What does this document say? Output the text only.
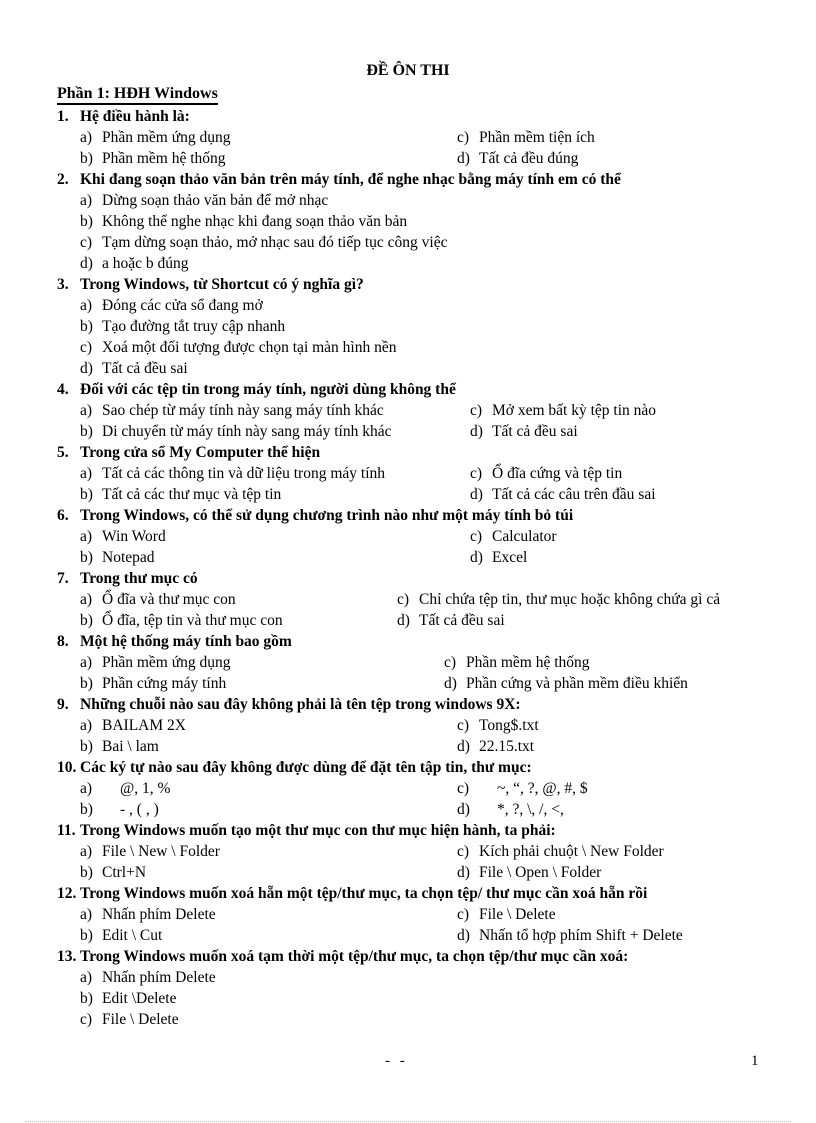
ĐỀ ÔN THI
Phần 1: HĐH Windows
1. Hệ điều hành là:
a) Phần mềm ứng dụng	c) Phần mềm tiện ích
b) Phần mềm hệ thống	d) Tất cả đều đúng
2. Khi đang soạn thảo văn bản trên máy tính, để nghe nhạc bằng máy tính em có thể
a) Dừng soạn thảo văn bản để mở nhạc
b) Không thể nghe nhạc khi đang soạn thảo văn bản
c) Tạm dừng soạn thảo, mở nhạc sau đó tiếp tục công việc
d) a hoặc b đúng
3. Trong Windows, từ Shortcut có ý nghĩa gì?
a) Đóng các cửa sổ đang mở
b) Tạo đường tắt truy cập nhanh
c) Xoá một đối tượng được chọn tại màn hình nền
d) Tất cả đều sai
4. Đối với các tệp tin trong máy tính, người dùng không thể
a) Sao chép từ máy tính này sang máy tính khác	c) Mở xem bất kỳ tệp tin nào
b) Di chuyển từ máy tính này sang máy tính khác	d) Tất cả đều sai
5. Trong cửa sổ My Computer thể hiện
a) Tất cả các thông tin và dữ liệu trong máy tính	c) Ổ đĩa cứng và tệp tin
b) Tất cả các thư mục và tệp tin	d) Tất cả các câu trên đầu sai
6. Trong Windows, có thể sử dụng chương trình nào như một máy tính bỏ túi
a) Win Word	c) Calculator
b) Notepad	d) Excel
7. Trong thư mục có
a) Ổ đĩa và thư mục con	c) Chỉ chứa tệp tin, thư mục hoặc không chứa gì cả
b) Ổ đĩa, tệp tin và thư mục con	d) Tất cả đều sai
8. Một hệ thống máy tính bao gồm
a) Phần mềm ứng dụng	c) Phần mềm hệ thống
b) Phần cứng máy tính	d) Phần cứng và phần mềm điều khiển
9. Những chuỗi nào sau đây không phải là tên tệp trong windows 9X:
a) BAILAM 2X	c) Tong$.txt
b) Bai \ lam	d) 22.15.txt
10. Các ký tự nào sau đây không được dùng để đặt tên tập tin, thư mục:
a) @, 1, %	c) ~, “, ?, @, #, $
b) - , ( , )	d) *, ?, \, /, <,
11. Trong Windows muốn tạo một thư mục con thư mục hiện hành, ta phải:
a) File \ New \ Folder	c) Kích phải chuột \ New Folder
b) Ctrl+N	d) File \ Open \ Folder
12. Trong Windows muốn xoá hẵn một tệp/thư mục, ta chọn tệp/ thư mục cần xoá hẵn rồi
a) Nhấn phím Delete	c) File \ Delete
b) Edit \ Cut	d) Nhấn tổ hợp phím Shift + Delete
13. Trong Windows muốn xoá tạm thời một tệp/thư mục, ta chọn tệp/thư mục cần xoá:
a) Nhấn phím Delete
b) Edit \Delete
c) File \ Delete
- -	1
